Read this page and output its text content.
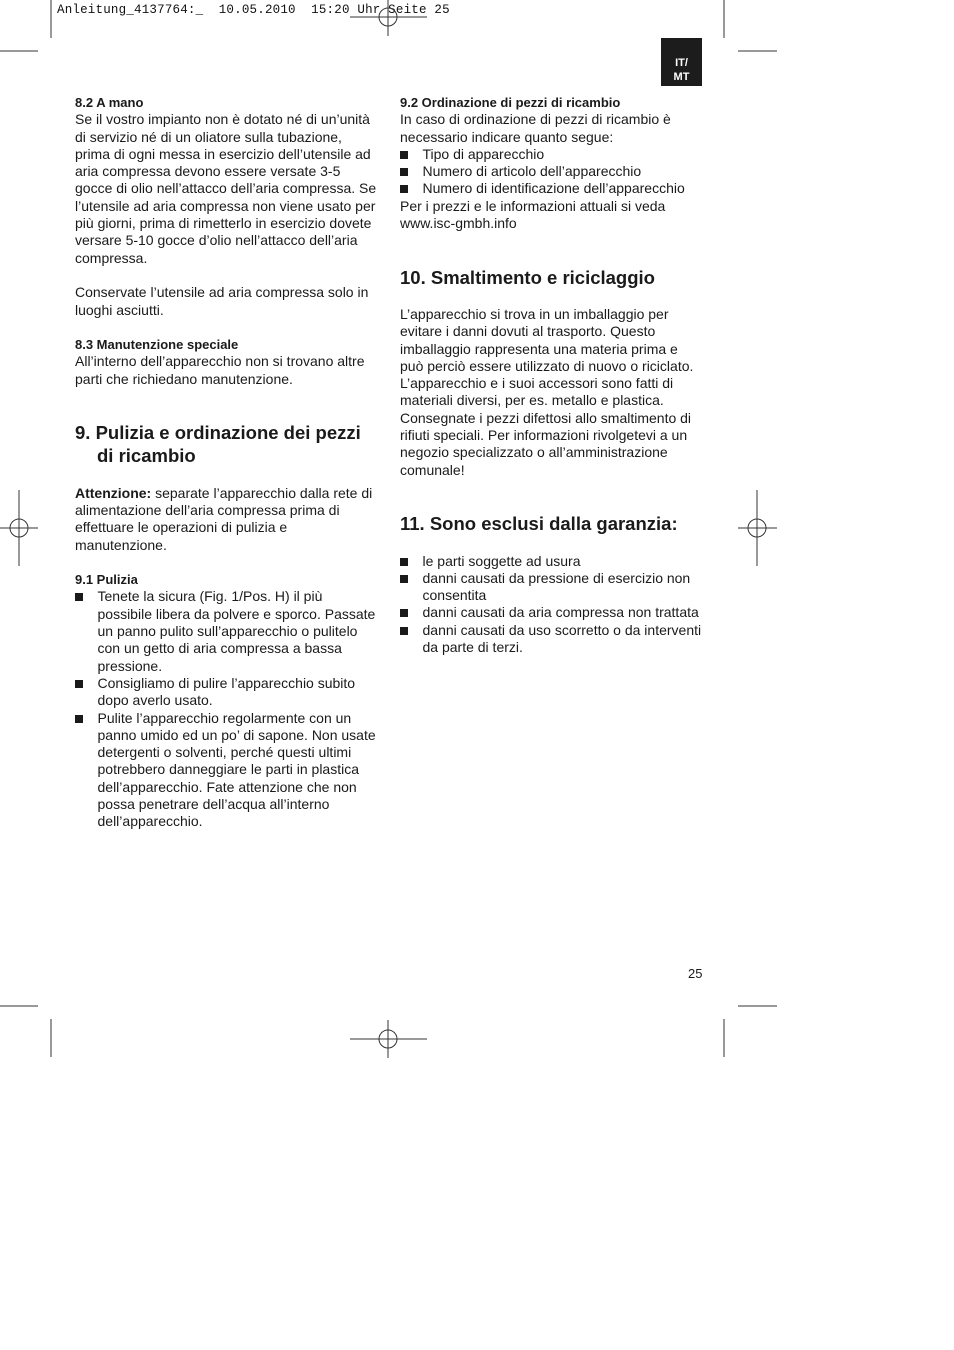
Anleitung_4137764:_ 10.05.2010 15:20 Uhr Seite 25
IT/
MT

8.2 A mano

Se il vostro impianto non è dotato né di un’unità di servizio né di un oliatore sulla tubazione, prima di ogni messa in esercizio dell’utensile ad aria compressa devono essere versate 3-5 gocce di olio nell’attacco dell’aria compressa. Se l’utensile ad aria compressa non viene usato per più giorni, prima di rimetterlo in esercizio dovete versare 5-10 gocce d’olio nell’attacco dell’aria compressa.

Conservate l’utensile ad aria compressa solo in luoghi asciutti.

8.3 Manutenzione speciale

All’interno dell’apparecchio non si trovano altre parti che richiedano manutenzione.

9. Pulizia e ordinazione dei pezzi di ricambio

Attenzione: separate l’apparecchio dalla rete di alimentazione dell’aria compressa prima di effettuare le operazioni di pulizia e manutenzione.

9.1 Pulizia

Tenete la sicura (Fig. 1/Pos. H) il più possibile libera da polvere e sporco. Passate un panno pulito sull’apparecchio o pulitelo con un getto di aria compressa a bassa pressione.
Consigliamo di pulire l’apparecchio subito dopo averlo usato.
Pulite l’apparecchio regolarmente con un panno umido ed un po’ di sapone. Non usate detergenti o solventi, perché questi ultimi potrebbero danneggiare le parti in plastica dell’apparecchio. Fate attenzione che non possa penetrare dell’acqua all’interno dell’apparecchio.

9.2 Ordinazione di pezzi di ricambio

In caso di ordinazione di pezzi di ricambio è necessario indicare quanto segue:

Tipo di apparecchio
Numero di articolo dell’apparecchio
Numero di identificazione dell’apparecchio

Per i prezzi e le informazioni attuali si veda www.isc-gmbh.info

10. Smaltimento e riciclaggio

L’apparecchio si trova in un imballaggio per evitare i danni dovuti al trasporto. Questo imballaggio rappresenta una materia prima e può perciò essere utilizzato di nuovo o riciclato. L’apparecchio e i suoi accessori sono fatti di materiali diversi, per es. metallo e plastica. Consegnate i pezzi difettosi allo smaltimento di rifiuti speciali. Per informazioni rivolgetevi a un negozio specializzato o all’amministrazione comunale!

11. Sono esclusi dalla garanzia:
le parti soggette ad usura
danni causati da pressione di esercizio non consentita
danni causati da aria compressa non trattata
danni causati da uso scorretto o da interventi da parte di terzi.
25
